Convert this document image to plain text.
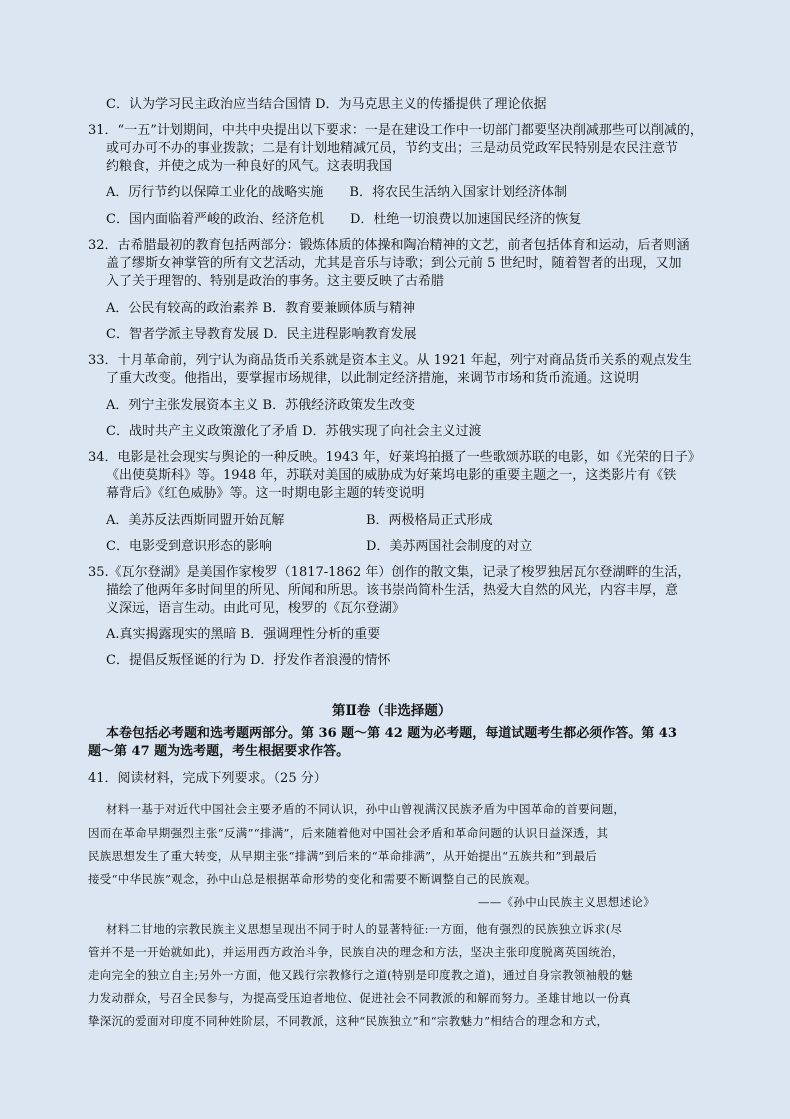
C．认为学习民主政治应当结合国情 D．为马克思主义的传播提供了理论依据
31．“一五”计划期间，中共中央提出以下要求：一是在建设工作中一切部门都要坚决削减那些可以削减的，
或可办可不办的事业拨款；二是有计划地精减冗员，节约支出；三是动员党政军民特别是农民注意节
约粮食，并使之成为一种良好的风气。这表明我国
A．厉行节约以保障工业化的战略实施　　B．将农民生活纳入国家计划经济体制
C．国内面临着严峻的政治、经济危机　　D．杜绝一切浪费以加速国民经济的恢复
32．古希腊最初的教育包括两部分：锻炼体质的体操和陶冶精神的文艺，前者包括体育和运动，后者则涵
盖了缪斯女神掌管的所有文艺活动，尤其是音乐与诗歌；到公元前 5 世纪时，随着智者的出现，又加
入了关于理智的、特别是政治的事务。这主要反映了古希腊
A．公民有较高的政治素养 B．教育要兼顾体质与精神
C．智者学派主导教育发展 D．民主进程影响教育发展
33．十月革命前，列宁认为商品货币关系就是资本主义。从 1921 年起，列宁对商品货币关系的观点发生
了重大改变。他指出，要掌握市场规律，以此制定经济措施，来调节市场和货币流通。这说明
A．列宁主张发展资本主义 B．苏俄经济政策发生改变
C．战时共产主义政策激化了矛盾 D．苏俄实现了向社会主义过渡
34．电影是社会现实与舆论的一种反映。1943 年，好莱坞拍摄了一些歌颂苏联的电影，如《光荣的日子》
《出使莫斯科》等。1948 年，苏联对美国的威胁成为好莱坞电影的重要主题之一，这类影片有《铁
幕背后》《红色威胁》等。这一时期电影主题的转变说明
A．美苏反法西斯同盟开始瓦解	B．两极格局正式形成
C．电影受到意识形态的影响	D．美苏两国社会制度的对立
35.《瓦尔登湖》是美国作家梭罗（1817-1862 年）创作的散文集，记录了梭罗独居瓦尔登湖畔的生活，
描绘了他两年多时间里的所见、所闻和所思。该书崇尚简朴生活，热爱大自然的风光，内容丰厚，意
义深远，语言生动。由此可见，梭罗的《瓦尔登湖》
A.真实揭露现实的黑暗 B．强调理性分析的重要
C．提倡反叛怪诞的行为 D．抒发作者浪漫的情怀
第Ⅱ卷（非选择题）
本卷包括必考题和选考题两部分。第 36 题～第 42 题为必考题，每道试题考生都必须作答。第 43
题～第 47 题为选考题，考生根据要求作答。
41．阅读材料，完成下列要求。（25 分）
材料一基于对近代中国社会主要矛盾的不同认识，孙中山曾视满汉民族矛盾为中国革命的首要问题，
因而在革命早期强烈主张“反满”“排满”，后来随着他对中国社会矛盾和革命问题的认识日益深透，其
民族思想发生了重大转变，从早期主张“排满”到后来的“革命排满”，从开始提出“五族共和”到最后
接受“中华民族”观念，孙中山总是根据革命形势的变化和需要不断调整自己的民族观。
——《孙中山民族主义思想述论》
材料二甘地的宗教民族主义思想呈现出不同于时人的显著特征:一方面，他有强烈的民族独立诉求(尽
管并不是一开始就如此)，并运用西方政治斗争，民族自决的理念和方法，坚决主张印度脱离英国统治，
走向完全的独立自主;另外一方面，他又践行宗教修行之道(特别是印度教之道)，通过自身宗教领袖般的魅
力发动群众，号召全民参与，为提高受压迫者地位、促进社会不同教派的和解而努力。圣雄甘地以一份真
挚深沉的爱面对印度不同种姓阶层，不同教派，这种“民族独立”和“宗教魅力”相结合的理念和方式，
